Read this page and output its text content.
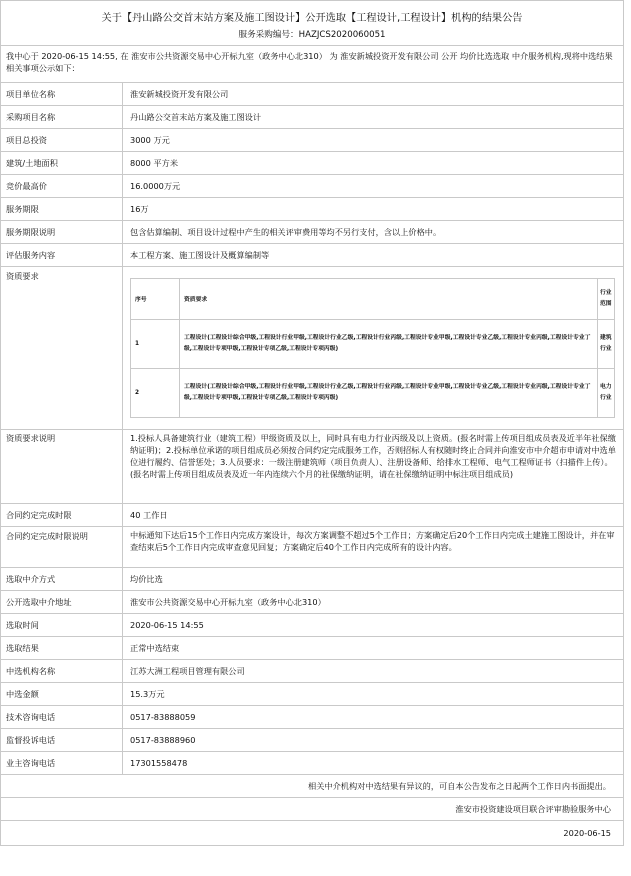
关于【丹山路公交首末站方案及施工图设计】公开选取【工程设计,工程设计】机构的结果公告
服务采购编号：HAZJCS2020060051
我中心于 2020-06-15 14:55, 在 淮安市公共资源交易中心开标九室（政务中心北310） 为 淮安新城投资开发有限公司 公开 均价比选选取 中介服务机构,现将中选结果相关事项公示如下：
项目单位名称	淮安新城投资开发有限公司
采购项目名称	丹山路公交首末站方案及施工图设计
项目总投资	3000 万元
建筑/土地面积	8000 平方米
竞价最高价	16.0000万元
服务期限	16万
服务期限说明	包含估算编制、项目设计过程中产生的相关评审费用等均不另行支付，含以上价格中。
评估服务内容	本工程方案、施工图设计及概算编制等
资质要求	
序号	资质要求	行业范围
1	工程设计(工程设计综合甲级,工程设计行业甲级,工程设计行业乙级,工程设计行业丙级,工程设计专业甲级,工程设计专业乙级,工程设计专业丙级,工程设计专业丁级,工程设计专项甲级,工程设计专项乙级,工程设计专项丙级)	建筑行业
2	工程设计(工程设计综合甲级,工程设计行业甲级,工程设计行业乙级,工程设计行业丙级,工程设计专业甲级,工程设计专业乙级,工程设计专业丙级,工程设计专业丁级,工程设计专项甲级,工程设计专项乙级,工程设计专项丙级)	电力行业

资质要求说明	1.投标人具备建筑行业（建筑工程）甲级资质及以上，同时具有电力行业丙级及以上资质。(报名时需上传项目组成员表及近半年社保缴纳证明)；2.投标单位承诺的项目组成员必须按合同约定完成服务工作，否则招标人有权随时终止合同并向淮安市中介超市申请对中选单位进行履约、信誉惩处；3.人员要求：一级注册建筑师（项目负责人）、注册设备师、给排水工程师、电气工程师证书（扫描件上传）。(报名时需上传项目组成员表及近一年内连续六个月的社保缴纳证明，请在社保缴纳证明中标注项目组成员)
合同约定完成时限	40 工作日
合同约定完成时限说明	中标通知下达后15个工作日内完成方案设计，每次方案调整不超过5个工作日；方案确定后20个工作日内完成土建施工图设计，并在审查结束后5个工作日内完成审查意见回复；方案确定后40个工作日内完成所有的设计内容。
选取中介方式	均价比选
公开选取中介地址	淮安市公共资源交易中心开标九室（政务中心北310）
选取时间	2020-06-15 14:55
选取结果	正常中选结束
中选机构名称	江苏大洲工程项目管理有限公司
中选金额	15.3万元
技术咨询电话	0517-83888059
监督投诉电话	0517-83888960
业主咨询电话	17301558478
相关中介机构对中选结果有异议的，可自本公告发布之日起两个工作日内书面提出。
淮安市投资建设项目联合评审勘验服务中心
2020-06-15
